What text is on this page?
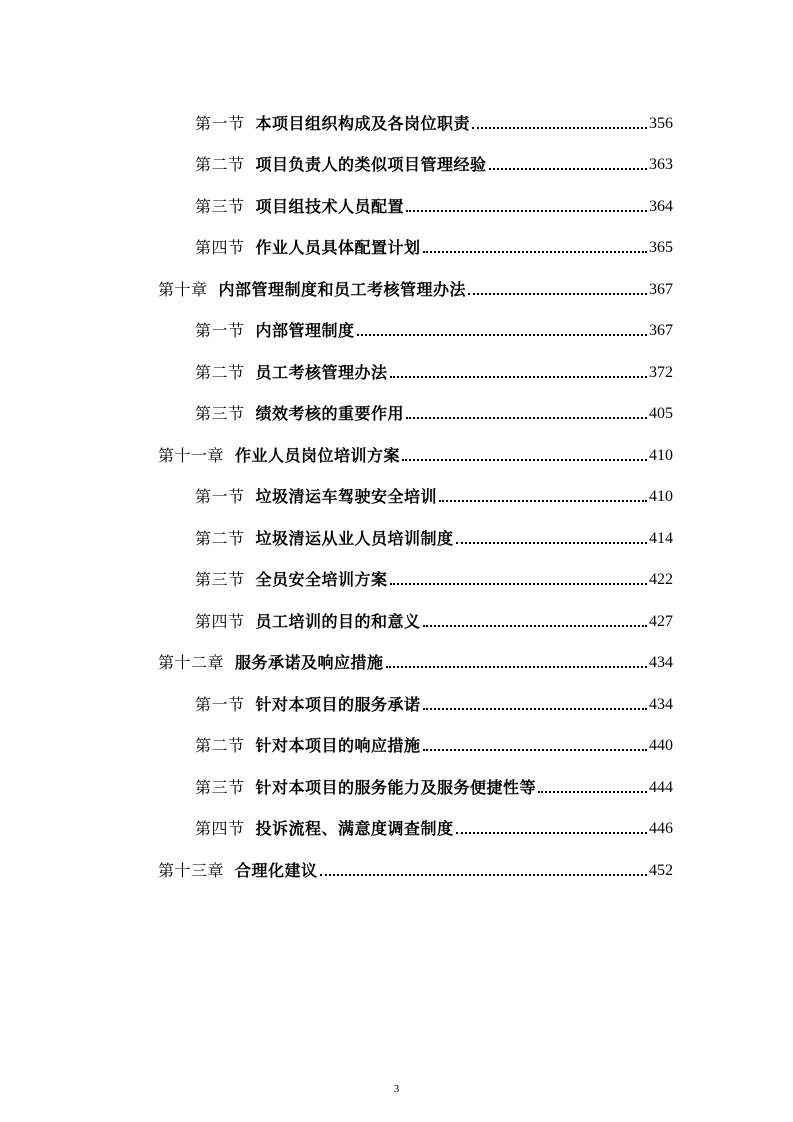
第一节 本项目组织构成及各岗位职责	356
第二节 项目负责人的类似项目管理经验	363
第三节 项目组技术人员配置	364
第四节 作业人员具体配置计划	365
第十章 内部管理制度和员工考核管理办法	367
第一节 内部管理制度	367
第二节 员工考核管理办法	372
第三节 绩效考核的重要作用	405
第十一章 作业人员岗位培训方案	410
第一节 垃圾清运车驾驶安全培训	410
第二节 垃圾清运从业人员培训制度	414
第三节 全员安全培训方案	422
第四节 员工培训的目的和意义	427
第十二章 服务承诺及响应措施	434
第一节 针对本项目的服务承诺	434
第二节 针对本项目的响应措施	440
第三节 针对本项目的服务能力及服务便捷性等	444
第四节 投诉流程、满意度调查制度	446
第十三章 合理化建议	452
3
